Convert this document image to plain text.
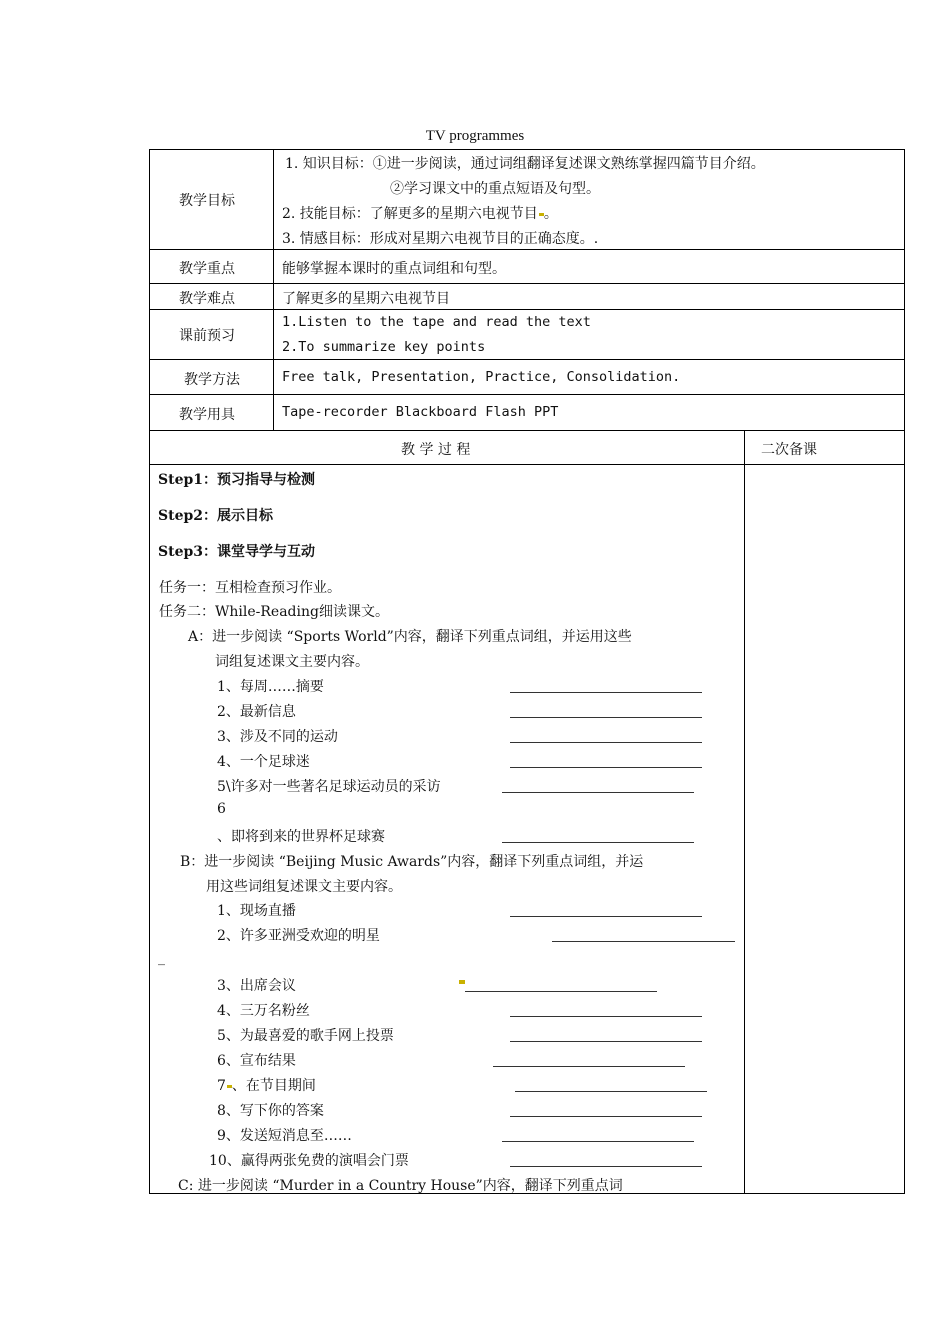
TV programmes
教学目标
教学重点
教学难点
课前预习
教学方法
教学用具
1. 知识目标：①进一步阅读，通过词组翻译复述课文熟练掌握四篇节目介绍。
②学习课文中的重点短语及句型。
2. 技能目标：了解更多的星期六电视节目 。
3. 情感目标：形成对星期六电视节目的正确态度。.
能够掌握本课时的重点词组和句型。
了解更多的星期六电视节目
1.Listen to the tape and read the text
2.To summarize key points
Free talk, Presentation, Practice, Consolidation.
Tape-recorder Blackboard Flash PPT
教 学 过 程	二次备课
Step1：预习指导与检测
Step2：展示目标
Step3：课堂导学与互动
任务一：互相检查预习作业。
任务二：While-Reading细读课文。
A：进一步阅读 “Sports World”内容，翻译下列重点词组，并运用这些
词组复述课文主要内容。
1、每周……摘要
2、最新信息
3、涉及不同的运动
4、一个足球迷
5\许多对一些著名足球运动员的采访
6
、即将到来的世界杯足球赛
B：进一步阅读 “Beijing Music Awards”内容，翻译下列重点词组，并运
用这些词组复述课文主要内容。
1、现场直播
2、许多亚洲受欢迎的明星
_
3、出席会议
4、三万名粉丝
5、为最喜爱的歌手网上投票
6、宣布结果
7 、在节目期间
8、写下你的答案
9、发送短消息至……
10、赢得两张免费的演唱会门票
C: 进一步阅读 “Murder in a Country House”内容，翻译下列重点词
